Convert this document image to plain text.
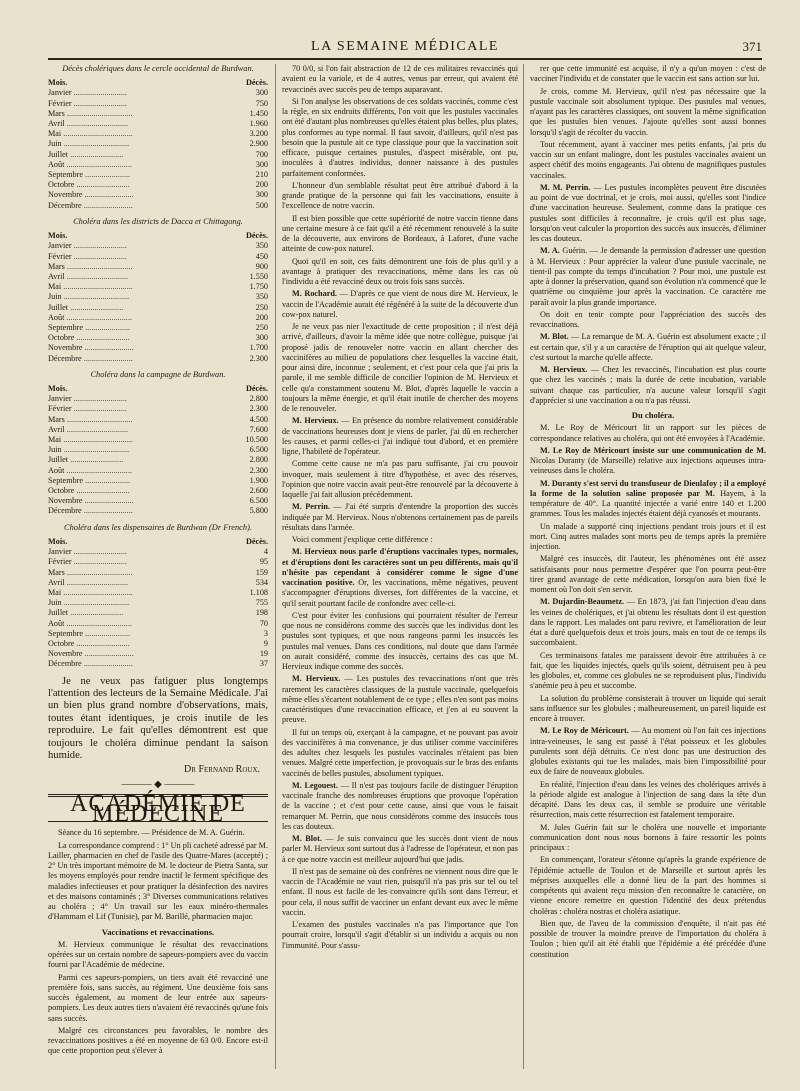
LA SEMAINE MÉDICALE	371
Décès cholériques dans le cercle occidental de Burdwan.
Mois.	Décès.
Janvier ..........................	300
Février ..........................	750
Mars ................................	1.450
Avril ..............................	1.960
Mai ..................................	3.200
Juin ................................	2.900
Juillet ..........................	700
Août ................................	300
Septembre ......................	210
Octobre ..........................	200
Novembre ........................	300
Décembre ........................	500
Choléra dans les districts de Dacca et Chittagong.
Mois.	Décès.
Janvier ..........................	350
Février ..........................	450
Mars ................................	900
Avril ..............................	1.550
Mai ..................................	1.750
Juin ................................	350
Juillet ..........................	250
Août ................................	200
Septembre ......................	250
Octobre ..........................	300
Novembre ........................	1.700
Décembre ........................	2.300
Choléra dans la campagne de Burdwan.
Mois.	Décès.
Janvier ..........................	2.800
Février ..........................	2.300
Mars ................................	4.500
Avril ..............................	7.600
Mai ..................................	10.500
Juin ................................	6.500
Juillet ..........................	2.800
Août ................................	2.300
Septembre ......................	1.900
Octobre ..........................	2.600
Novembre ........................	6.500
Décembre ........................	5.800
Choléra dans les dispensaires de Burdwan (Dr French).
Mois.	Décès.
Janvier ..........................	4
Février ..........................	95
Mars ................................	159
Avril ..............................	534
Mai ..................................	1.108
Juin ................................	755
Juillet ..........................	198
Août ................................	70
Septembre ......................	3
Octobre ..........................	9
Novembre ........................	19
Décembre ........................	37

Je ne veux pas fatiguer plus longtemps l'attention des lecteurs de la Semaine Médicale. J'ai un bien plus grand nombre d'observations, mais, toutes étant identiques, je crois inutile de les reproduire. Le fait qu'elles démontrent est que toujours le choléra diminue pendant la saison humide.

Dr Fernand Roux.
——— ◆ ———
ACADÉMIE DE MÉDECINE

Séance du 16 septembre. — Présidence de M. A. Guérin.

La correspondance comprend : 1° Un pli cacheté adressé par M. Lailler, pharmacien en chef de l'asile des Quatre-Mares (accepté) ; 2° Un très important mémoire de M. le docteur de Pietra Santa, sur les moyens employés pour rendre inactif le ferment spécifique des maladies infectieuses et pour pratiquer la désinfection des navires et des maisons contaminés ; 3° Diverses communications relatives au choléra ; 4° Un travail sur les eaux minéro-thermales d'Hammam el Lif (Tunisie), par M. Barillé, pharmacien major.

Vaccinations et revaccinations.

M. Hervieux communique le résultat des revaccinations opérées sur un certain nombre de sapeurs-pompiers avec du vaccin fourni par l'Académie de médecine.

Parmi ces sapeurs-pompiers, un tiers avait été revacciné une première fois, sans succès, au régiment. Une deuxième fois sans succès également, au moment de leur entrée aux sapeurs-pompiers. Les deux autres tiers n'avaient été revaccinés qu'une fois sans succès.

Malgré ces circonstances peu favorables, le nombre des revaccinations positives a été en moyenne de 63 0/0. Encore est-il que cette proportion peut s'élever à

70 0/0, si l'on fait abstraction de 12 de ces militaires revaccinés qui avaient eu la variole, et de 4 autres, venus par erreur, qui avaient été revaccinés avec succès peu de temps auparavant.

Si l'on analyse les observations de ces soldats vaccinés, comme c'est la règle, en six endroits différents, l'on voit que les pustules vaccinales ont été d'autant plus nombreuses qu'elles étaient plus belles, plus plates, plus conformes au type normal. Il faut savoir, d'ailleurs, qu'il n'est pas besoin que la pustule ait ce type classique pour que la vaccination soit efficace, puisque certaines pustules, d'aspect misérable, ont pu, inoculées à d'autres individus, donner naissance à des pustules parfaitement conformées.

L'honneur d'un semblable résultat peut être attribué d'abord à la grande pratique de la personne qui fait les vaccinations, ensuite à l'excellence de notre vaccin.

Il est bien possible que cette supériorité de notre vaccin tienne dans une certaine mesure à ce fait qu'il a été récemment renouvelé à la suite de la découverte, aux environs de Bordeaux, à Laforet, d'une vache atteinte de cow-pox naturel.

Quoi qu'il en soit, ces faits démontrent une fois de plus qu'il y a avantage à pratiquer des revaccinations, même dans les cas où l'individu a été revacciné deux ou trois fois sans succès.

M. Rochard. — D'après ce que vient de nous dire M. Hervieux, le vaccin de l'Académie aurait été régénéré à la suite de la découverte d'un cow-pox naturel.

Je ne veux pas nier l'exactitude de cette proposition ; il n'est déjà arrivé, d'ailleurs, d'avoir la même idée que notre collègue, puisque j'ai proposé jadis de renouveler notre vaccin en allant chercher des vaccinifères au milieu de populations chez lesquelles la vaccine était, pour ainsi dire, inconnue ; seulement, et c'est pour cela que j'ai pris la parole, il me semble difficile de concilier l'opinion de M. Hervieux et celle qu'a constamment soutenu M. Blot, d'après laquelle le vaccin a toujours la même énergie, et qu'il était inutile de chercher des moyens de le renouveler.

M. Hervieux. — En présence du nombre relativement considérable de vaccinations heureuses dont je viens de parler, j'ai dû en rechercher les causes, et parmi celles-ci j'ai indiqué tout d'abord, et en première ligne, l'habileté de l'opérateur.

Comme cette cause ne m'a pas paru suffisante, j'ai cru pouvoir invoquer, mais seulement à titre d'hypothèse, et avec des réserves, l'opinion que notre vaccin avait peut-être renouvelé par la découverte à laquelle j'ai fait allusion précédemment.

M. Perrin. — J'ai été surpris d'entendre la proportion des succès indiquée par M. Hervieux. Nous n'obtenons certainement pas de pareils résultats dans l'armée.

Voici comment j'explique cette différence :

M. Hervieux nous parle d'éruptions vaccinales types, normales, et d'éruptions dont les caractères sont un peu différents, mais qu'il n'hésite pas cependant à considérer comme le signe d'une vaccination positive. Or, les vaccinations, même négatives, peuvent s'accompagner d'éruptions diverses, fort différentes de la vaccine, et qu'il serait pourtant facile de confondre avec celle-ci.

C'est pour éviter les confusions qui pourraient résulter de l'erreur que nous ne considérons comme des succès que les individus dont les pustules sont typiques, et que nous rangeons parmi les insuccès les pustules mal venues. Dans ces conditions, nul doute que dans l'armée on aurait considéré, comme des insuccès, certains des cas que M. Hervieux indique comme des succès.

M. Hervieux. — Les pustules des revaccinations n'ont que très rarement les caractères classiques de la pustule vaccinale, quelquefois même elles s'écartent notablement de ce type ; elles n'en sont pas moins caractéristiques d'une revaccination efficace, et j'en ai eu souvent la preuve.

Il fut un temps où, exerçant à la campagne, et ne pouvant pas avoir des vaccinifères à ma convenance, je dus utiliser comme vaccinifères des adultes chez lesquels les pustules vaccinales n'étaient pas bien venues. Malgré cette imperfection, je provoquais sur le bras des enfants vaccinés de belles pustules, absolument typiques.

M. Legouest. — Il n'est pas toujours facile de distinguer l'éruption vaccinale franche des nombreuses éruptions que provoque l'opération de la vaccine ; et c'est pour cette cause, ainsi que vous le faisait remarquer M. Perrin, que nous considérons comme des insuccès tous les cas douteux.

M. Blot. — Je suis convaincu que les succès dont vient de nous parler M. Hervieux sont surtout dus à l'adresse de l'opérateur, et non pas à ce que notre vaccin est meilleur aujourd'hui que jadis.

Il n'est pas de semaine où des confrères ne viennent nous dire que le vaccin de l'Académie ne vaut rien, puisqu'il n'a pas pris sur tel ou tel enfant. Il nous est facile de les convaincre qu'ils sont dans l'erreur, et pour cela, il nous suffit de vacciner un enfant devant eux avec le même vaccin.

L'examen des pustules vaccinales n'a pas l'importance que l'on pourrait croire, lorsqu'il s'agit d'établir si un individu a acquis ou non l'immunité. Pour s'assu-

rer que cette immunité est acquise, il n'y a qu'un moyen : c'est de vacciner l'individu et de constater que le vaccin est sans action sur lui.

Je crois, comme M. Hervieux, qu'il n'est pas nécessaire que la pustule vaccinale soit absolument typique. Des pustules mal venues, n'ayant pas les caractères classiques, ont souvent la même signification que les pustules bien venues. J'ajoute qu'elles sont aussi bonnes lorsqu'il s'agit de récolter du vaccin.

Tout récemment, ayant à vacciner mes petits enfants, j'ai pris du vaccin sur un enfant malingre, dont les pustules vaccinales avaient un aspect chétif des moins engageants. J'ai obtenu de magnifiques pustules vaccinales.

M. M. Perrin. — Les pustules incomplètes peuvent être discutées au point de vue doctrinal, et je crois, moi aussi, qu'elles sont l'indice d'une vaccination heureuse. Seulement, comme dans la pratique ces pustules sont difficiles à reconnaître, je crois qu'il est plus sage, lorsqu'on veut calculer la proportion des succès aux insuccès, d'éliminer les cas douteux.

M. A. Guérin. — Je demande la permission d'adresser une question à M. Hervieux : Pour apprécier la valeur d'une pustule vaccinale, ne tient-il pas compte du temps d'incubation ? Pour moi, une pustule est apte à donner la préservation, quand son évolution n'a commencé que le quatrième ou cinquième jour après la vaccination. Ce caractère me paraît avoir la plus grande importance.

On doit en tenir compte pour l'appréciation des succès des revaccinations.

M. Blot. — La remarque de M. A. Guérin est absolument exacte ; il est certain que, s'il y a un caractère de l'éruption qui ait quelque valeur, c'est surtout la marche qu'elle affecte.

M. Hervieux. — Chez les revaccinés, l'incubation est plus courte que chez les vaccinés ; mais la durée de cette incubation, variable suivant chaque cas particulier, n'a aucune valeur lorsqu'il s'agit d'apprécier si une vaccination a ou n'a pas réussi.

Du choléra.

M. Le Roy de Méricourt lit un rapport sur les pièces de correspondance relatives au choléra, qui ont été envoyées à l'Académie.

M. Le Roy de Méricourt insiste sur une communication de M. Nicolas Duranty (de Marseille) relative aux injections aqueuses intra-veineuses dans le choléra.

M. Duranty s'est servi du transfuseur de Dieulafoy ; il a employé la forme de la solution saline proposée par M. Hayem, à la température de 40°. La quantité injectée a varié entre 140 et 1.200 grammes. Tous les malades injectés étaient déjà cyanosés et mourants.

Un malade a supporté cinq injections pendant trois jours et il est mort. Cinq autres malades sont morts peu de temps après la première injection.

Malgré ces insuccès, dit l'auteur, les phénomènes ont été assez satisfaisants pour nous permettre d'espérer que l'on pourra peut-être tirer grand avantage de cette médication, lorsqu'on aura bien fixé le moment où l'on doit s'en servir.

M. Dujardin-Beaumetz. — En 1873, j'ai fait l'injection d'eau dans les veines de cholériques, et j'ai obtenu les résultats dont il est question dans le rapport. Les malades ont paru revivre, et l'amélioration de leur état a duré quelquefois deux et trois jours, mais en tout de ce temps ils succombaient.

Ces terminaisons fatales me paraissent devoir être attribuées à ce fait, que les liquides injectés, quels qu'ils soient, détruisent peu à peu les globules, et, comme ces globules ne se reproduisent plus, l'individu s'anémie peu à peu et succombe.

La solution du problème consisterait à trouver un liquide qui serait sans influence sur les globules ; malheureusement, un pareil liquide est encore à trouver.

M. Le Roy de Méricourt. — Au moment où l'on fait ces injections intra-veineuses, le sang est passé à l'état poisseux et les globules purulents sont déjà détruits. Ce n'est donc pas une destruction des globules existants qui tue les malades, mais bien l'impossibilité pour eux de faire de nouveaux globules.

En réalité, l'injection d'eau dans les veines des cholériques arrivés à la période algide est analogue à l'injection de sang dans la tête d'un décapité. Dans les deux cas, il semble se produire une véritable résurrection, mais cette résurrection est fatalement temporaire.

M. Jules Guérin fait sur le choléra une nouvelle et importante communication dont nous nous bornons à faire ressortir les points principaux :

En commençant, l'orateur s'étonne qu'après la grande expérience de l'épidémie actuelle de Toulon et de Marseille et surtout après les méprises auxquelles elle a donné lieu de la part des hommes si compétents qui avaient reçu mission d'en reconnaître le caractère, on vienne encore remettre en question l'identité des deux prétendus choléras : choléra nostras et choléra asiatique.

Bien que, de l'aveu de la commission d'enquête, il n'ait pas été possible de trouver la moindre preuve de l'importation du choléra à Toulon ; bien qu'il ait été établi que l'épidémie a été précédée d'une constitution
